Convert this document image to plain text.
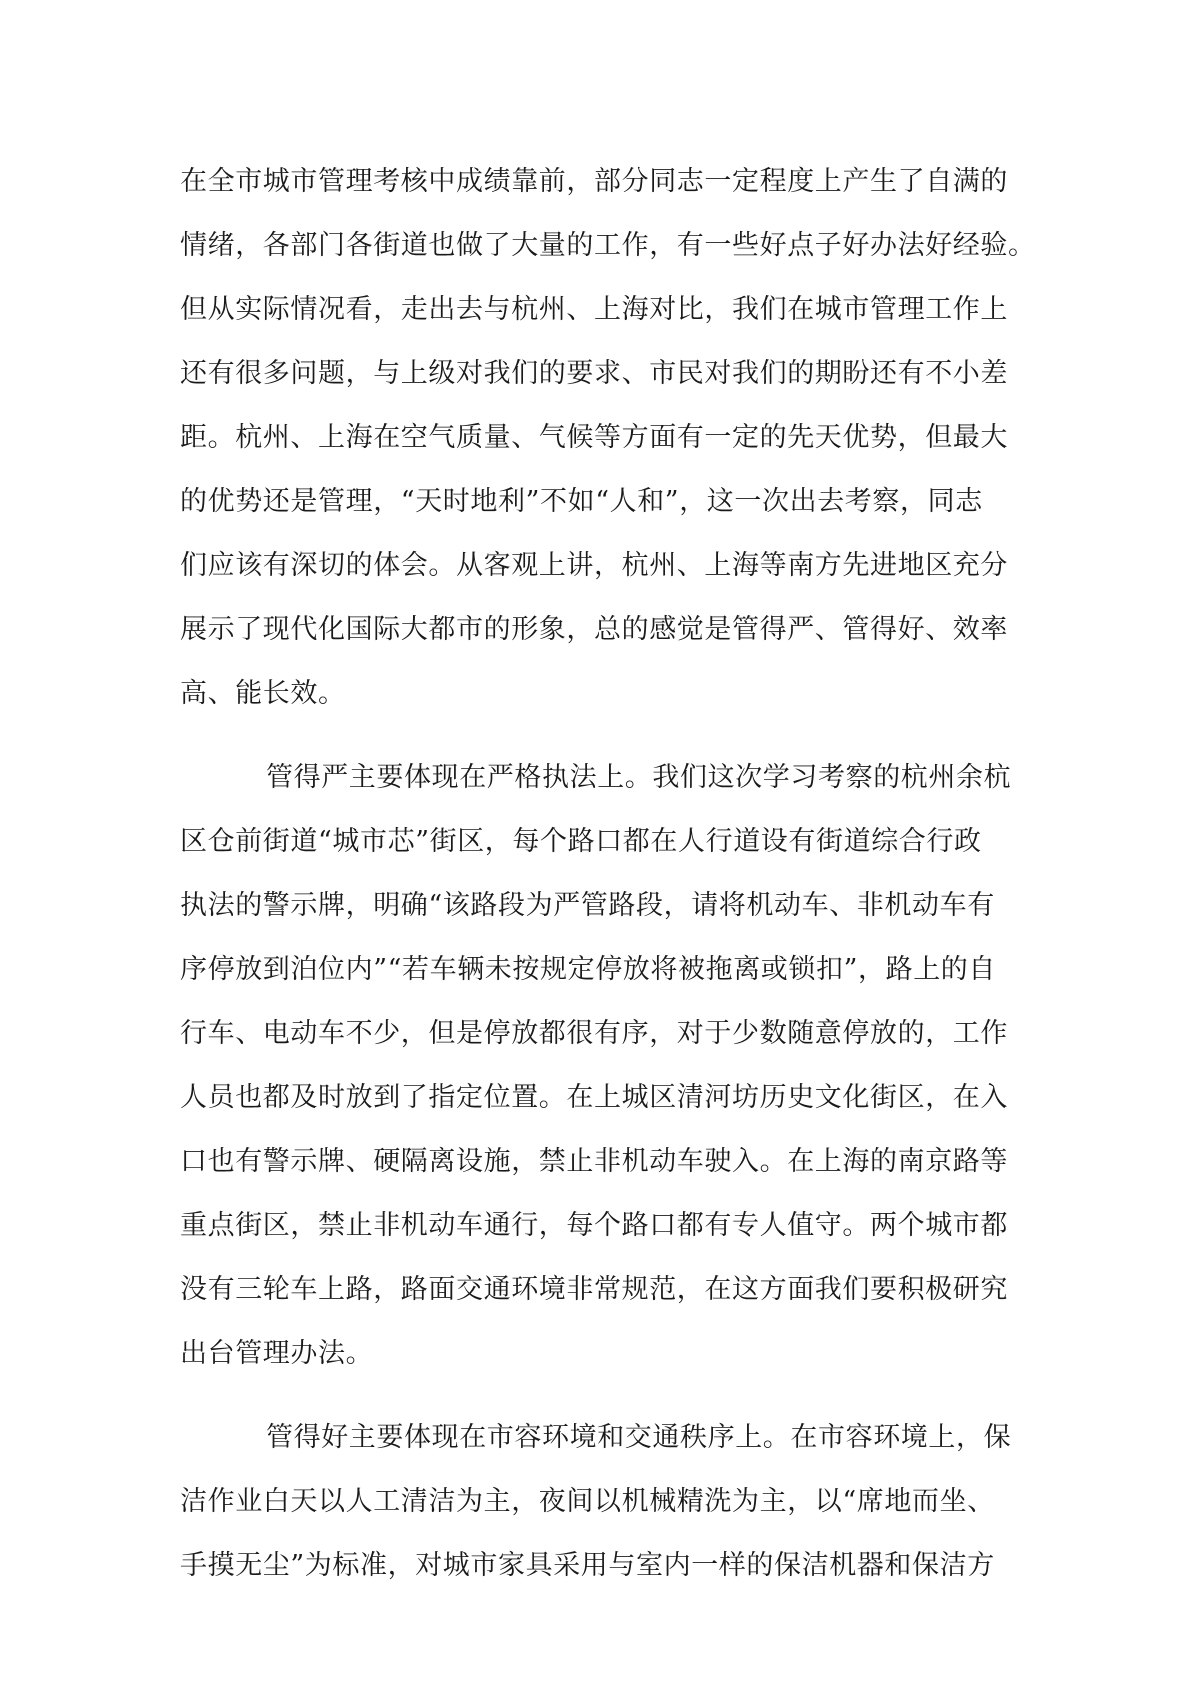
在全市城市管理考核中成绩靠前，部分同志一定程度上产生了自满的
情绪，各部门各街道也做了大量的工作，有一些好点子好办法好经验。
但从实际情况看，走出去与杭州、上海对比，我们在城市管理工作上
还有很多问题，与上级对我们的要求、市民对我们的期盼还有不小差
距。杭州、上海在空气质量、气候等方面有一定的先天优势，但最大
的优势还是管理，“天时地利”不如“人和”，这一次出去考察，同志
们应该有深切的体会。从客观上讲，杭州、上海等南方先进地区充分
展示了现代化国际大都市的形象，总的感觉是管得严、管得好、效率
高、能长效。
管得严主要体现在严格执法上。我们这次学习考察的杭州余杭
区仓前街道“城市芯”街区，每个路口都在人行道设有街道综合行政
执法的警示牌，明确“该路段为严管路段，请将机动车、非机动车有
序停放到泊位内”“若车辆未按规定停放将被拖离或锁扣”，路上的自
行车、电动车不少，但是停放都很有序，对于少数随意停放的，工作
人员也都及时放到了指定位置。在上城区清河坊历史文化街区，在入
口也有警示牌、硬隔离设施，禁止非机动车驶入。在上海的南京路等
重点街区，禁止非机动车通行，每个路口都有专人值守。两个城市都
没有三轮车上路，路面交通环境非常规范，在这方面我们要积极研究
出台管理办法。
管得好主要体现在市容环境和交通秩序上。在市容环境上，保
洁作业白天以人工清洁为主，夜间以机械精洗为主，以“席地而坐、
手摸无尘”为标准，对城市家具采用与室内一样的保洁机器和保洁方
